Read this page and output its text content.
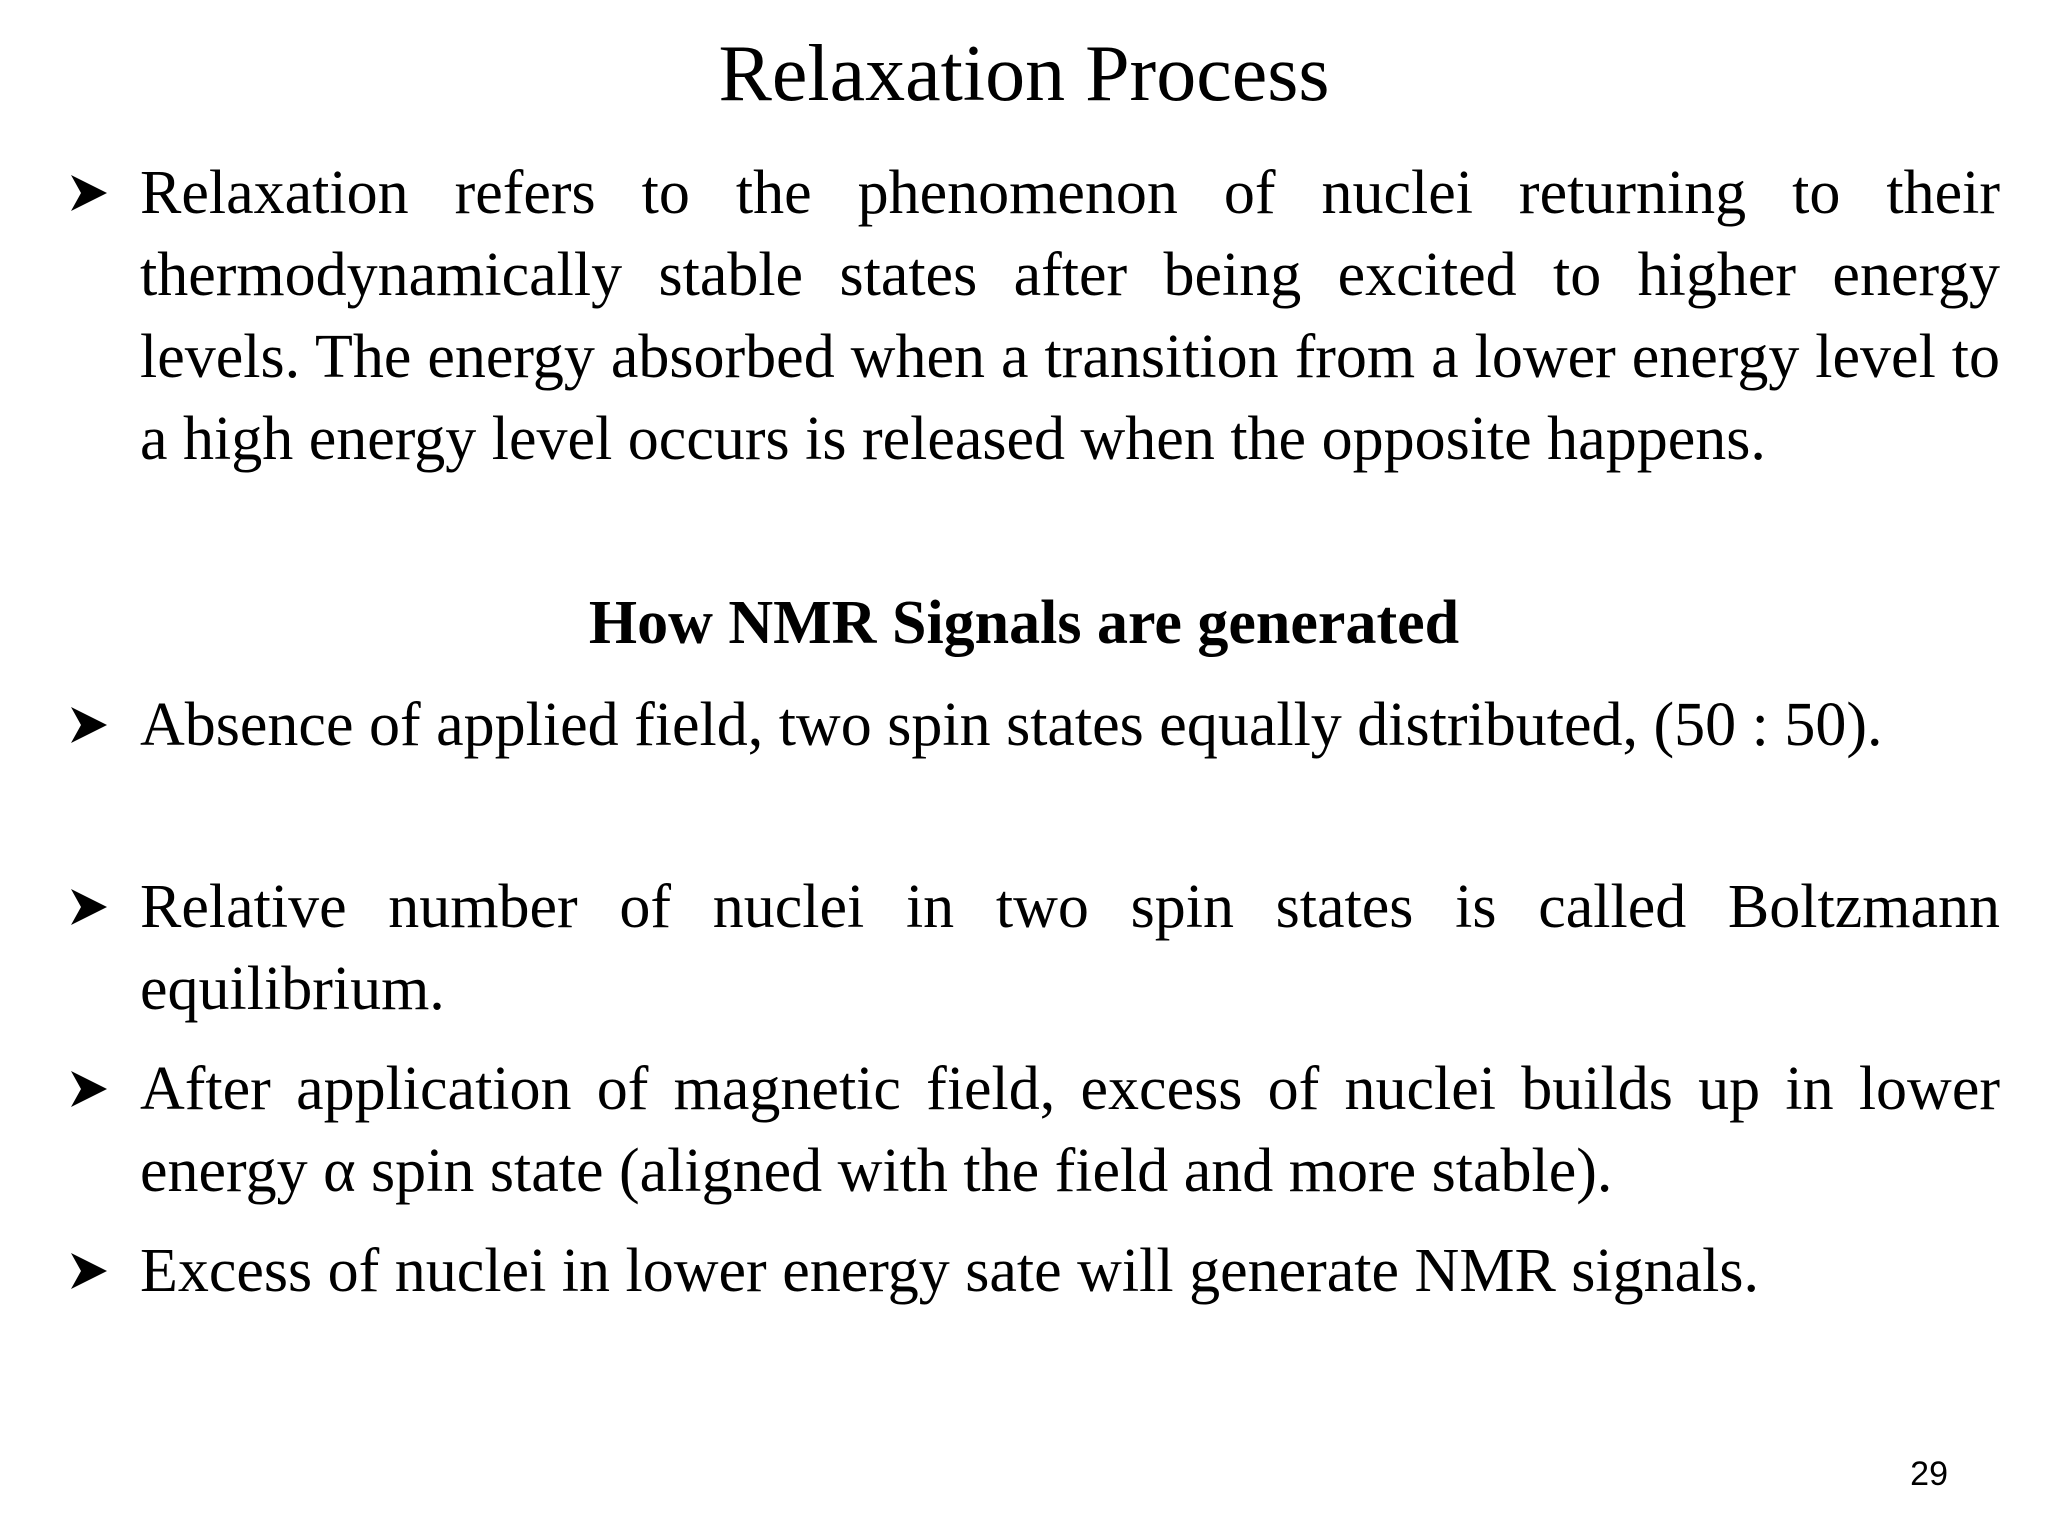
Relaxation Process
Relaxation refers to the phenomenon of nuclei returning to their thermodynamically stable states after being excited to higher energy levels. The energy absorbed when a transition from a lower energy level to a high energy level occurs is released when the opposite happens.
How NMR Signals are generated
Absence of applied field, two spin states equally distributed, (50 : 50).
Relative number of nuclei in two spin states is called Boltzmann equilibrium.
After application of magnetic field, excess of nuclei builds up in lower energy α spin state (aligned with the field and more stable).
Excess of nuclei in lower energy sate will generate NMR signals.
29
